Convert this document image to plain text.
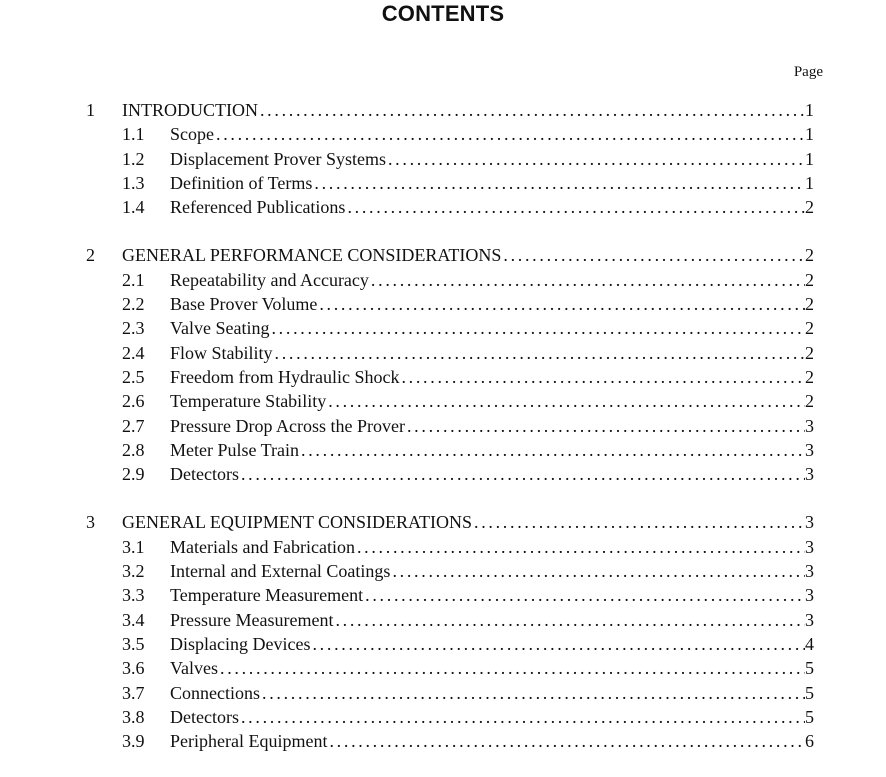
CONTENTS
Page
1 INTRODUCTION . . .	1
1.1 Scope . . .	1
1.2 Displacement Prover Systems . . .	1
1.3 Definition of Terms . . .	1
1.4 Referenced Publications . . .	2
2 GENERAL PERFORMANCE CONSIDERATIONS . . .	2
2.1 Repeatability and Accuracy . . .	2
2.2 Base Prover Volume . . .	2
2.3 Valve Seating . . .	2
2.4 Flow Stability . . .	2
2.5 Freedom from Hydraulic Shock . . .	2
2.6 Temperature Stability . . .	2
2.7 Pressure Drop Across the Prover . . .	3
2.8 Meter Pulse Train . . .	3
2.9 Detectors . . .	3
3 GENERAL EQUIPMENT CONSIDERATIONS . . .	3
3.1 Materials and Fabrication . . .	3
3.2 Internal and External Coatings . . .	3
3.3 Temperature Measurement . . .	3
3.4 Pressure Measurement . . .	3
3.5 Displacing Devices . . .	4
3.6 Valves . . .	5
3.7 Connections . . .	5
3.8 Detectors . . .	5
3.9 Peripheral Equipment . . .	6
